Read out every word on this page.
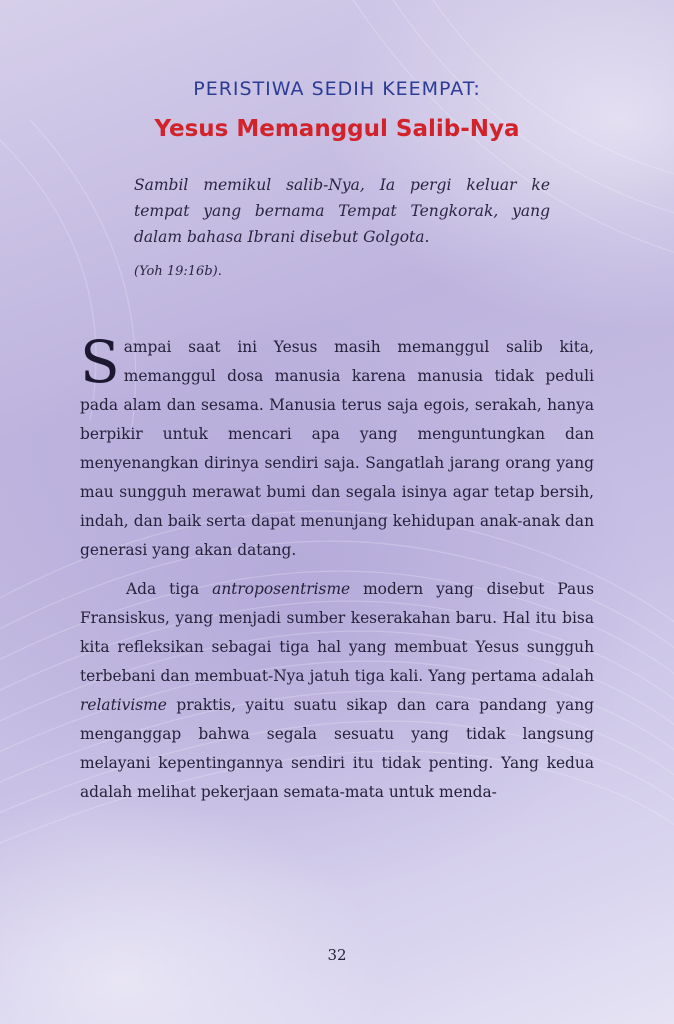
PERISTIWA SEDIH KEEMPAT:
Yesus Memanggul Salib-Nya
Sambil memikul salib-Nya, Ia pergi keluar ke tempat yang bernama Tempat Tengkorak, yang dalam bahasa Ibrani disebut Golgota.
(Yoh 19:16b).

Sampai saat ini Yesus masih memanggul salib kita, memanggul dosa manusia karena manusia tidak peduli pada alam dan sesama. Manusia terus saja egois, serakah, hanya berpikir untuk mencari apa yang menguntungkan dan menyenangkan dirinya sendiri saja. Sangatlah jarang orang yang mau sungguh merawat bumi dan segala isinya agar tetap bersih, indah, dan baik serta dapat menunjang kehidupan anak-anak dan generasi yang akan datang.

Ada tiga antroposentrisme modern yang disebut Paus Fransiskus, yang menjadi sumber keserakahan baru. Hal itu bisa kita refleksikan sebagai tiga hal yang membuat Yesus sungguh terbebani dan membuat-Nya jatuh tiga kali. Yang pertama adalah relativisme praktis, yaitu suatu sikap dan cara pandang yang menganggap bahwa segala sesuatu yang tidak langsung melayani kepentingannya sendiri itu tidak penting. Yang kedua adalah melihat pekerjaan semata-mata untuk menda-

32
